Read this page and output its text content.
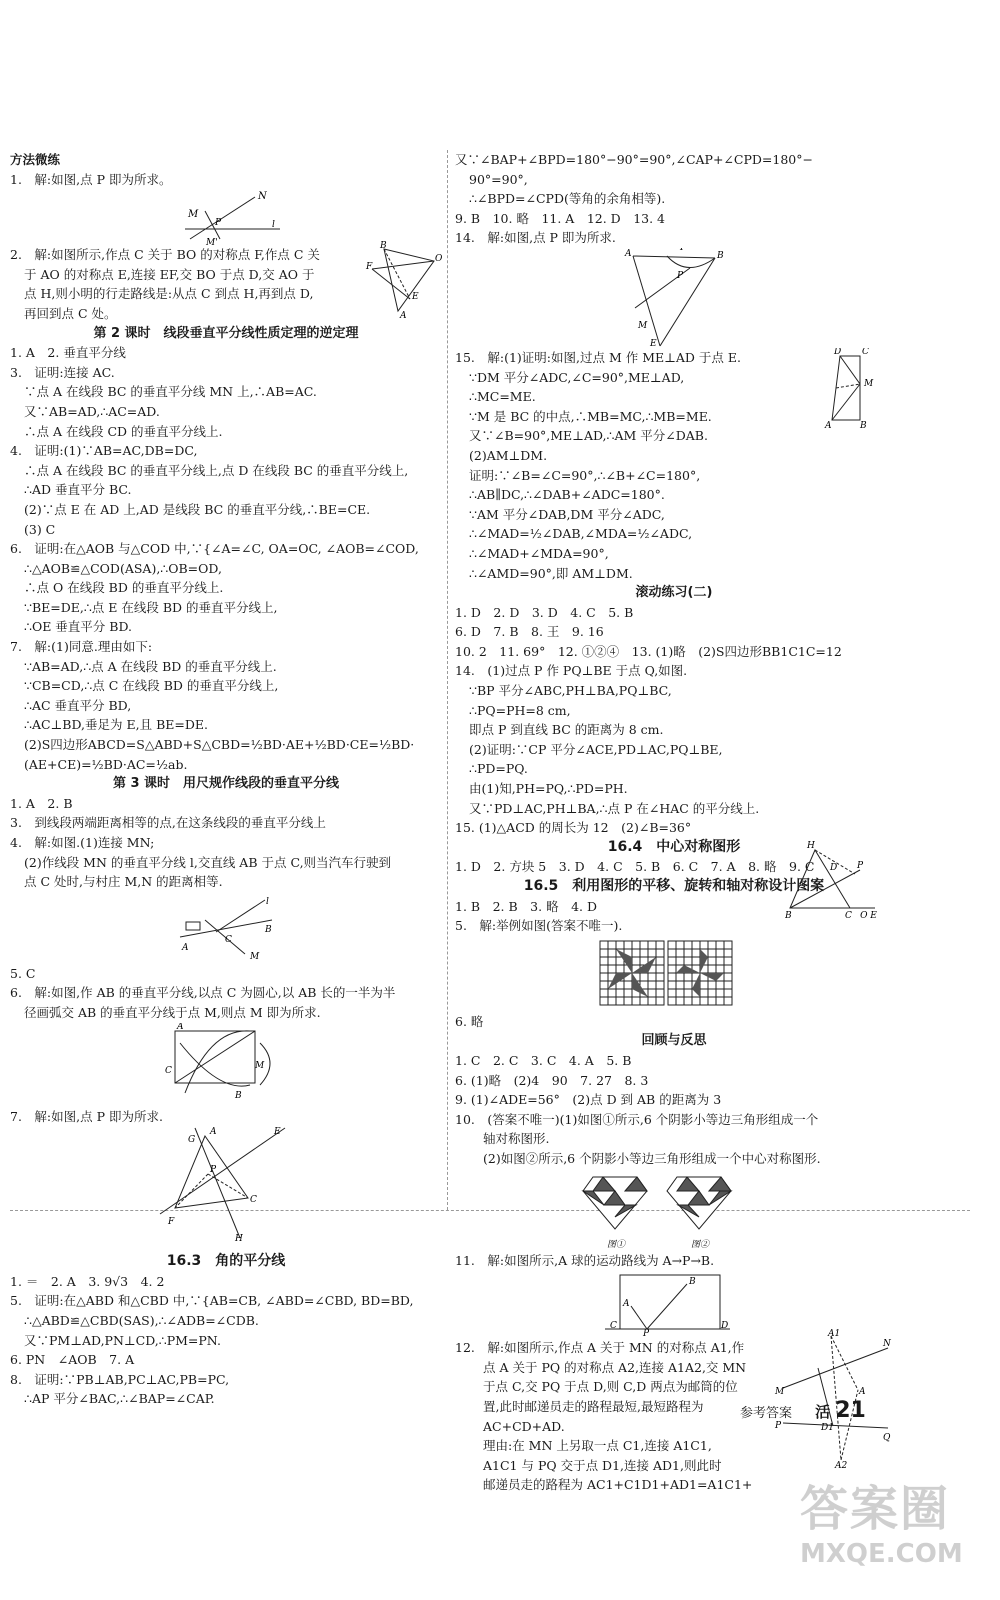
方法微练
1.　解:如图,点 P 即为所求。
N
M
P	l
M'
2.　解:如图所示,作点 C 关于 BO 的对称点 F,作点 C 关
于 AO 的对称点 E,连接 EF,交 BO 于点 D,交 AO 于
点 H,则小明的行走路线是:从点 C 到点 H,再到点 D,
再回到点 C 处。
第 2 课时　线段垂直平分线性质定理的逆定理
1. A　2. 垂直平分线
3.　证明:连接 AC.
∵点 A 在线段 BC 的垂直平分线 MN 上,∴AB=AC.
又∵AB=AD,∴AC=AD.
∴点 A 在线段 CD 的垂直平分线上.
4.　证明:(1)∵AB=AC,DB=DC,
∴点 A 在线段 BC 的垂直平分线上,点 D 在线段 BC 的垂直平分线上,
∴AD 垂直平分 BC.
(2)∵点 E 在 AD 上,AD 是线段 BC 的垂直平分线,∴BE=CE.
(3) C
6.　证明:在△AOB 与△COD 中,∵{∠A=∠C, OA=OC, ∠AOB=∠COD,
∴△AOB≌△COD(ASA),∴OB=OD,
∴点 O 在线段 BD 的垂直平分线上.
∵BE=DE,∴点 E 在线段 BD 的垂直平分线上,
∴OE 垂直平分 BD.
7.　解:(1)同意.理由如下:
∵AB=AD,∴点 A 在线段 BD 的垂直平分线上.
∵CB=CD,∴点 C 在线段 BD 的垂直平分线上,
∴AC 垂直平分 BD,
∴AC⊥BD,垂足为 E,且 BE=DE.
(2)S四边形ABCD=S△ABD+S△CBD=½BD·AE+½BD·CE=½BD·
(AE+CE)=½BD·AC=½ab.
第 3 课时　用尺规作线段的垂直平分线
1. A　2. B
3.　到线段两端距离相等的点,在这条线段的垂直平分线上
4.　解:如图.(1)连接 MN;
(2)作线段 MN 的垂直平分线 l,交直线 AB 于点 C,则当汽车行驶到
点 C 处时,与村庄 M,N 的距离相等.
B
O
A
F
E
A
l
M
B
C
5. C
6.　解:如图,作 AB 的垂直平分线,以点 C 为圆心,以 AB 长的一半为半
径画弧交 AB 的垂直平分线于点 M,则点 M 即为所求.
A
B
M
C
7.　解:如图,点 P 即为所求.
G
A	E
F
C
H
P
16.3　角的平分线
1. ＝　2. A　3. 9√3　4. 2
5.　证明:在△ABD 和△CBD 中,∵{AB=CB, ∠ABD=∠CBD, BD=BD,
∴△ABD≌△CBD(SAS),∴∠ADB=∠CDB.
又∵PM⊥AD,PN⊥CD,∴PM=PN.
6. PN　∠AOB　7. A
8.　证明:∵PB⊥AB,PC⊥AC,PB=PC,
∴AP 平分∠BAC,∴∠BAP=∠CAP.
又∵∠BAP+∠BPD=180°−90°=90°,∠CAP+∠CPD=180°−
90°=90°,
∴∠BPD=∠CPD(等角的余角相等).
9. B　10. 略　11. A　12. D　13. 4
14.　解:如图,点 P 即为所求.
A	B
F
M
E
P
15.　解:(1)证明:如图,过点 M 作 ME⊥AD 于点 E.
∵DM 平分∠ADC,∠C=90°,ME⊥AD,
∴MC=ME.
∵M 是 BC 的中点,∴MB=MC,∴MB=ME.
又∵∠B=90°,ME⊥AD,∴AM 平分∠DAB.
(2)AM⊥DM.
证明:∵∠B=∠C=90°,∴∠B+∠C=180°,
∴AB∥DC,∴∠DAB+∠ADC=180°.
∵AM 平分∠DAB,DM 平分∠ADC,
∴∠MAD=½∠DAB,∠MDA=½∠ADC,
∴∠MAD+∠MDA=90°,
∴∠AMD=90°,即 AM⊥DM.
滚动练习(二)
1. D　2. D　3. D　4. C　5. B
6. D　7. B　8. 王　9. 16
10. 2　11. 69°　12. ①②④　13. (1)略　(2)S四边形BB1C1C=12
14.　(1)过点 P 作 PQ⊥BE 于点 Q,如图.
∵BP 平分∠ABC,PH⊥BA,PQ⊥BC,
∴PQ=PH=8 cm,
即点 P 到直线 BC 的距离为 8 cm.
(2)证明:∵CP 平分∠ACE,PD⊥AC,PQ⊥BE,
∴PD=PQ.
由(1)知,PH=PQ,∴PD=PH.
又∵PD⊥AC,PH⊥BA,∴点 P 在∠HAC 的平分线上.
15. (1)△ACD 的周长为 12　(2)∠B=36°
16.4　中心对称图形
1. D　2. 方块 5　3. D　4. C　5. B　6. C　7. A　8. 略　9. C
16.5　利用图形的平移、旋转和轴对称设计图案
1. B　2. B　3. 略　4. D
5.　解:举例如图(答案不唯一).
D C
M
A	B
H
B	C Q E
P
D
6. 略
回顾与反思
1. C　2. C　3. C　4. A　5. B
6. (1)略　(2)4　90　7. 27　8. 3
9. (1)∠ADE=56°　(2)点 D 到 AB 的距离为 3
10.　(答案不唯一)(1)如图①所示,6 个阴影小等边三角形组成一个
轴对称图形.
(2)如图②所示,6 个阴影小等边三角形组成一个中心对称图形.
图①	图②
11.　解:如图所示,A 球的运动路线为 A→P→B.
A
B
P
C	D
12.　解:如图所示,作点 A 关于 MN 的对称点 A1,作
点 A 关于 PQ 的对称点 A2,连接 A1A2,交 MN
于点 C,交 PQ 于点 D,则 C,D 两点为邮筒的位
置,此时邮递员走的路程最短,最短路程为
AC+CD+AD.
理由:在 MN 上另取一点 C1,连接 A1C1,
A1C1 与 PQ 交于点 D1,连接 AD1,则此时
邮递员走的路程为 AC1+C1D1+AD1=A1C1+
A1
M
N
P
Q
A
A2
D1
参考答案 活 21
答案圈
MXQE.COM
